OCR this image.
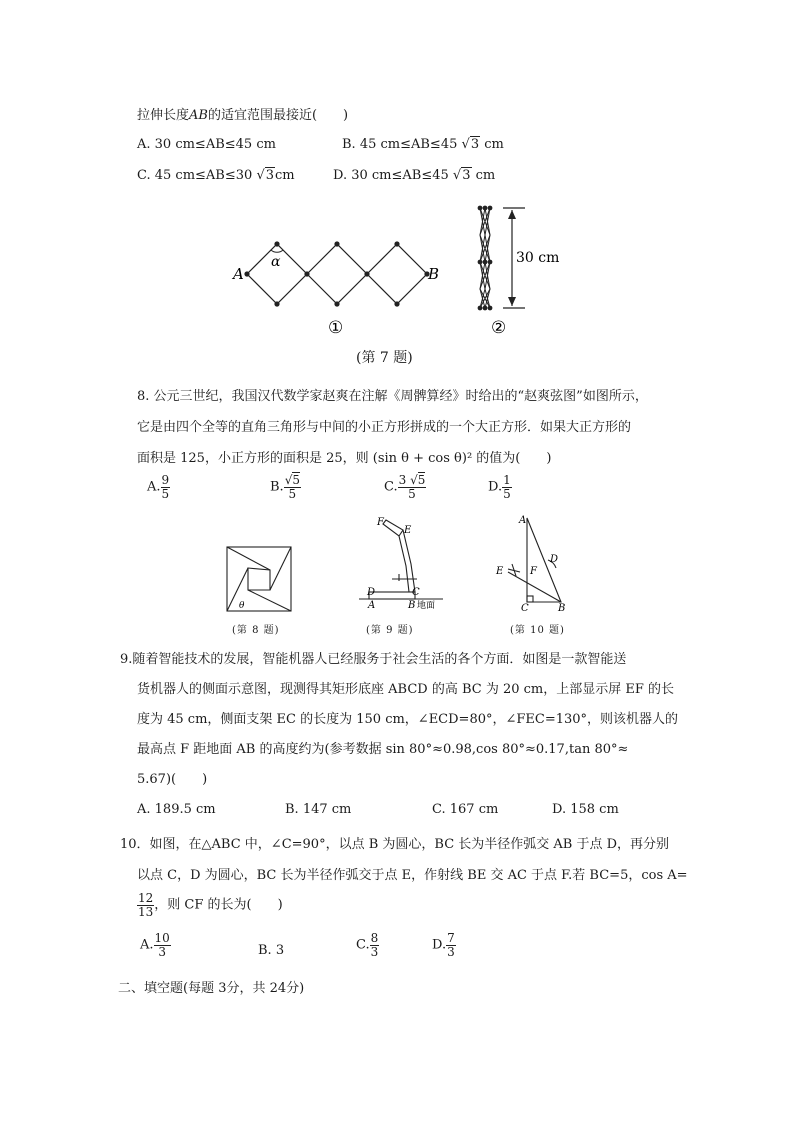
拉伸长度AB的适宜范围最接近(　　)
A. 30 cm≤AB≤45 cm	B. 45 cm≤AB≤45 √3 cm
C. 45 cm≤AB≤30 √3cm	D. 30 cm≤AB≤45 √3 cm
α
A	B
①
30 cm
②
(第 7 题)
8. 公元三世纪，我国汉代数学家赵爽在注解《周髀算经》时给出的“赵爽弦图”如图所示，
它是由四个全等的直角三角形与中间的小正方形拼成的一个大正方形．如果大正方形的
面积是 125，小正方形的面积是 25，则 (sin θ + cos θ)² 的值为(　　)
A. $\frac{9}{5}$	B. $\frac{√5}{5}$	C. $\frac{3 √5}{5}$	D. $\frac{1}{5}$
θ
(第 8 题)
F
E
D	C
A	B 地面
(第 9 题)
A
D
E	F
C	B
(第 10 题)
9.随着智能技术的发展，智能机器人已经服务于社会生活的各个方面．如图是一款智能送
货机器人的侧面示意图，现测得其矩形底座 ABCD 的高 BC 为 20 cm，上部显示屏 EF 的长
度为 45 cm，侧面支架 EC 的长度为 150 cm，∠ECD=80°，∠FEC=130°，则该机器人的
最高点 F 距地面 AB 的高度约为(参考数据 sin 80°≈0.98,cos 80°≈0.17,tan 80°≈
5.67)(　　)
A. 189.5 cm	B. 147 cm	C. 167 cm	D. 158 cm
10．如图，在△ABC 中，∠C=90°，以点 B 为圆心，BC 长为半径作弧交 AB 于点 D，再分别
以点 C，D 为圆心，BC 长为半径作弧交于点 E，作射线 BE 交 AC 于点 F.若 BC=5，cos A=
$\frac{12}{13}$ ，则 CF 的长为(　　)
A. $\frac{10}{3}$	B. 3	C. $\frac{8}{3}$	D. $\frac{7}{3}$
二、填空题(每题 3分，共 24分)
